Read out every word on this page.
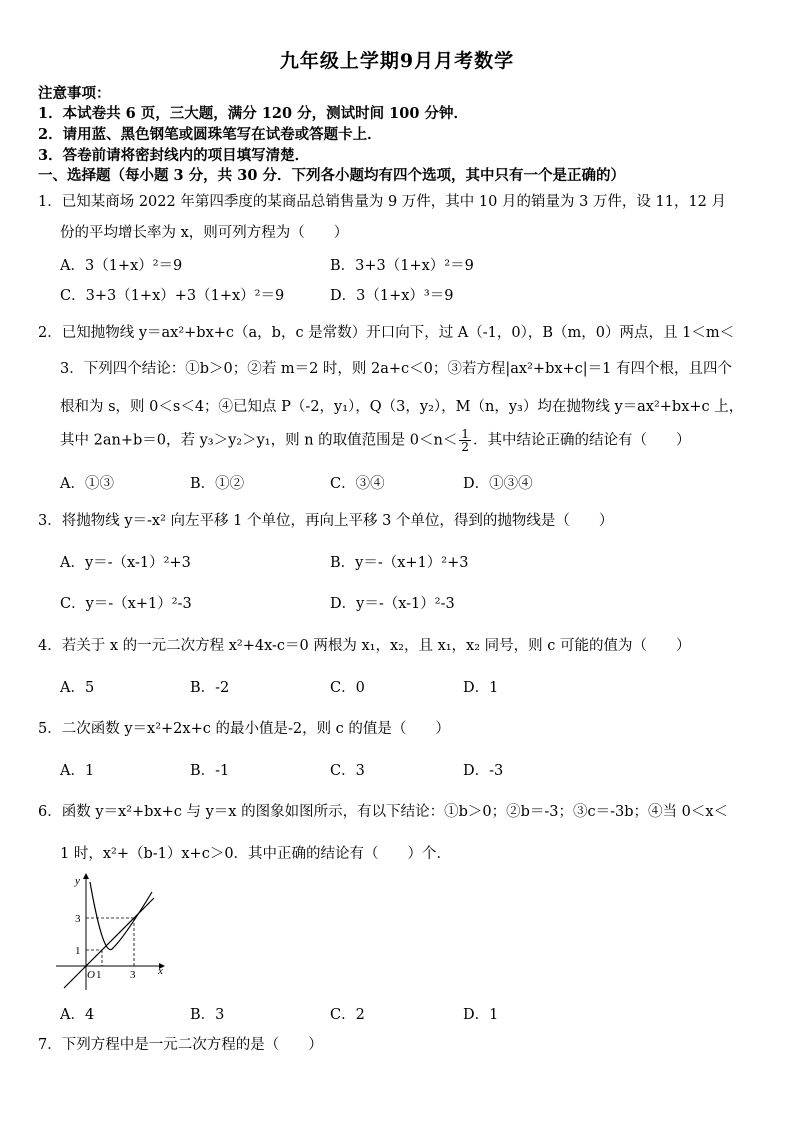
九年级上学期9月月考数学
注意事项：
1．本试卷共 6 页，三大题，满分 120 分，测试时间 100 分钟．
2．请用蓝、黑色钢笔或圆珠笔写在试卷或答题卡上．
3．答卷前请将密封线内的项目填写清楚．
一、选择题（每小题 3 分，共 30 分．下列各小题均有四个选项，其中只有一个是正确的）
1．已知某商场 2022 年第四季度的某商品总销售量为 9 万件，其中 10 月的销量为 3 万件，设 11，12 月
份的平均增长率为 x，则可列方程为（　　）
A．3（1+x）²＝9	B．3+3（1+x）²＝9
C．3+3（1+x）+3（1+x）²＝9	D．3（1+x）³＝9
2．已知抛物线 y＝ax²+bx+c（a，b，c 是常数）开口向下，过 A（-1，0），B（m，0）两点，且 1＜m＜
3．下列四个结论：①b＞0；②若 m＝2 时，则 2a+c＜0；③若方程|ax²+bx+c|＝1 有四个根，且四个
根和为 s，则 0＜s＜4；④已知点 P（-2，y₁），Q（3，y₂），M（n，y₃）均在抛物线 y＝ax²+bx+c 上，
其中 2an+b＝0，若 y₃＞y₂＞y₁，则 n 的取值范围是 $0<n< \frac{1}{2}$ ．其中结论正确的结论有（　　）
A．①③	B．①②	C．③④	D．①③④
3．将抛物线 y＝-x² 向左平移 1 个单位，再向上平移 3 个单位，得到的抛物线是（　　）
A．y＝-（x-1）²+3	B．y＝-（x+1）²+3
C．y＝-（x+1）²-3	D．y＝-（x-1）²-3
4．若关于 x 的一元二次方程 x²+4x-c＝0 两根为 x₁，x₂，且 x₁，x₂ 同号，则 c 可能的值为（　　）
A．5	B．-2	C．0	D．1
5．二次函数 y＝x²+2x+c 的最小值是-2，则 c 的值是（　　）
A．1	B．-1	C．3	D．-3
6．函数 y＝x²+bx+c 与 y＝x 的图象如图所示，有以下结论：①b＞0；②b＝-3；③c＝-3b；④当 0＜x＜
1 时，x²+（b-1）x+c＞0．其中正确的结论有（　　）个．
y
x
O 1	3
1
3
A．4	B．3	C．2	D．1
7．下列方程中是一元二次方程的是（　　）
